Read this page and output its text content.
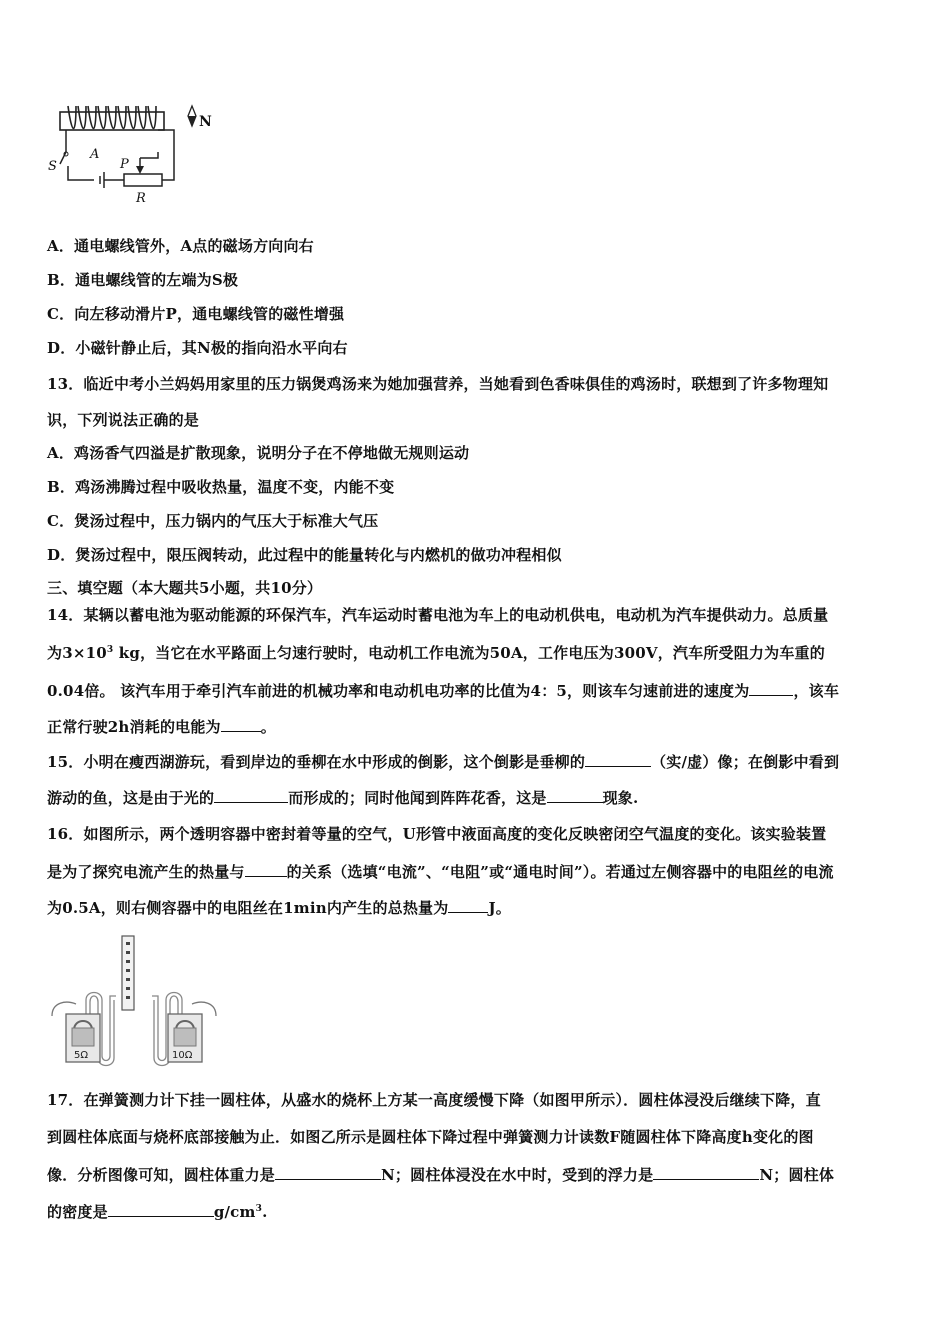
N
S
A
P
R
A．通电螺线管外，A点的磁场方向向右
B．通电螺线管的左端为S极
C．向左移动滑片P，通电螺线管的磁性增强
D．小磁针静止后，其N极的指向沿水平向右
13．临近中考小兰妈妈用家里的压力锅煲鸡汤来为她加强营养，当她看到色香味俱佳的鸡汤时，联想到了许多物理知
识，下列说法正确的是
A．鸡汤香气四溢是扩散现象，说明分子在不停地做无规则运动
B．鸡汤沸腾过程中吸收热量，温度不变，内能不变
C．煲汤过程中，压力锅内的气压大于标准大气压
D．煲汤过程中，限压阀转动，此过程中的能量转化与内燃机的做功冲程相似
三、填空题（本大题共5小题，共10分）
14．某辆以蓄电池为驱动能源的环保汽车，汽车运动时蓄电池为车上的电动机供电，电动机为汽车提供动力。总质量
为$3\times 10^3$ kg，当它在水平路面上匀速行驶时，电动机工作电流为50A，工作电压为300V，汽车所受阻力为车重的
0.04倍。 该汽车用于牵引汽车前进的机械功率和电动机电功率的比值为4：5，则该车匀速前进的速度为	，该车
正常行驶2h消耗的电能为	。
15．小明在瘦西湖游玩，看到岸边的垂柳在水中形成的倒影，这个倒影是垂柳的	（实/虚）像；在倒影中看到
游动的鱼，这是由于光的	而形成的；同时他闻到阵阵花香，这是	现象.
16．如图所示，两个透明容器中密封着等量的空气，U形管中液面高度的变化反映密闭空气温度的变化。该实验装置
是为了探究电流产生的热量与	的关系（选填“电流”、“电阻”或“通电时间”）。若通过左侧容器中的电阻丝的电流
为0.5A，则右侧容器中的电阻丝在1min内产生的总热量为	J。
5Ω	10Ω
17．在弹簧测力计下挂一圆柱体，从盛水的烧杯上方某一高度缓慢下降（如图甲所示）．圆柱体浸没后继续下降，直
到圆柱体底面与烧杯底部接触为止．如图乙所示是圆柱体下降过程中弹簧测力计读数F随圆柱体下降高度h变化的图
像．分析图像可知，圆柱体重力是	N；圆柱体浸没在水中时，受到的浮力是	N；圆柱体
的密度是	$g/cm^3$.
